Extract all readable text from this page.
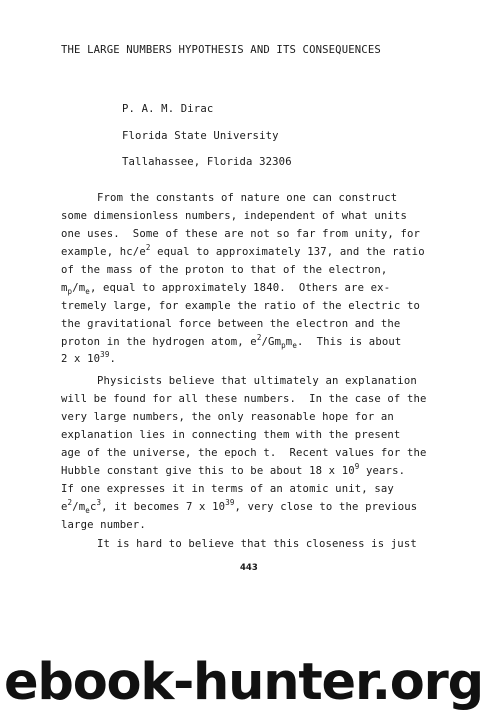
THE LARGE NUMBERS HYPOTHESIS AND ITS CONSEQUENCES
P. A. M. Dirac
Florida State University
Tallahassee, Florida 32306
From the constants of nature one can construct
some dimensionless numbers, independent of what units
one uses.  Some of these are not so far from unity, for
example, $hc/e^2$ equal to approximately 137, and the ratio
of the mass of the proton to that of the electron,
$m_p/m_e$, equal to approximately 1840.  Others are ex-
tremely large, for example the ratio of the electric to
the gravitational force between the electron and the
proton in the hydrogen atom, $e^2/Gm_pm_e$.  This is about
2 x $10^{39}$.
Physicists believe that ultimately an explanation
will be found for all these numbers.  In the case of the
very large numbers, the only reasonable hope for an
explanation lies in connecting them with the present
age of the universe, the epoch t.  Recent values for the
Hubble constant give this to be about 18 x $10^9$ years.
If one expresses it in terms of an atomic unit, say
$e^2/m_ec^3$, it becomes 7 x $10^{39}$, very close to the previous
large number.
It is hard to believe that this closeness is just
443
ebook-hunter.org
